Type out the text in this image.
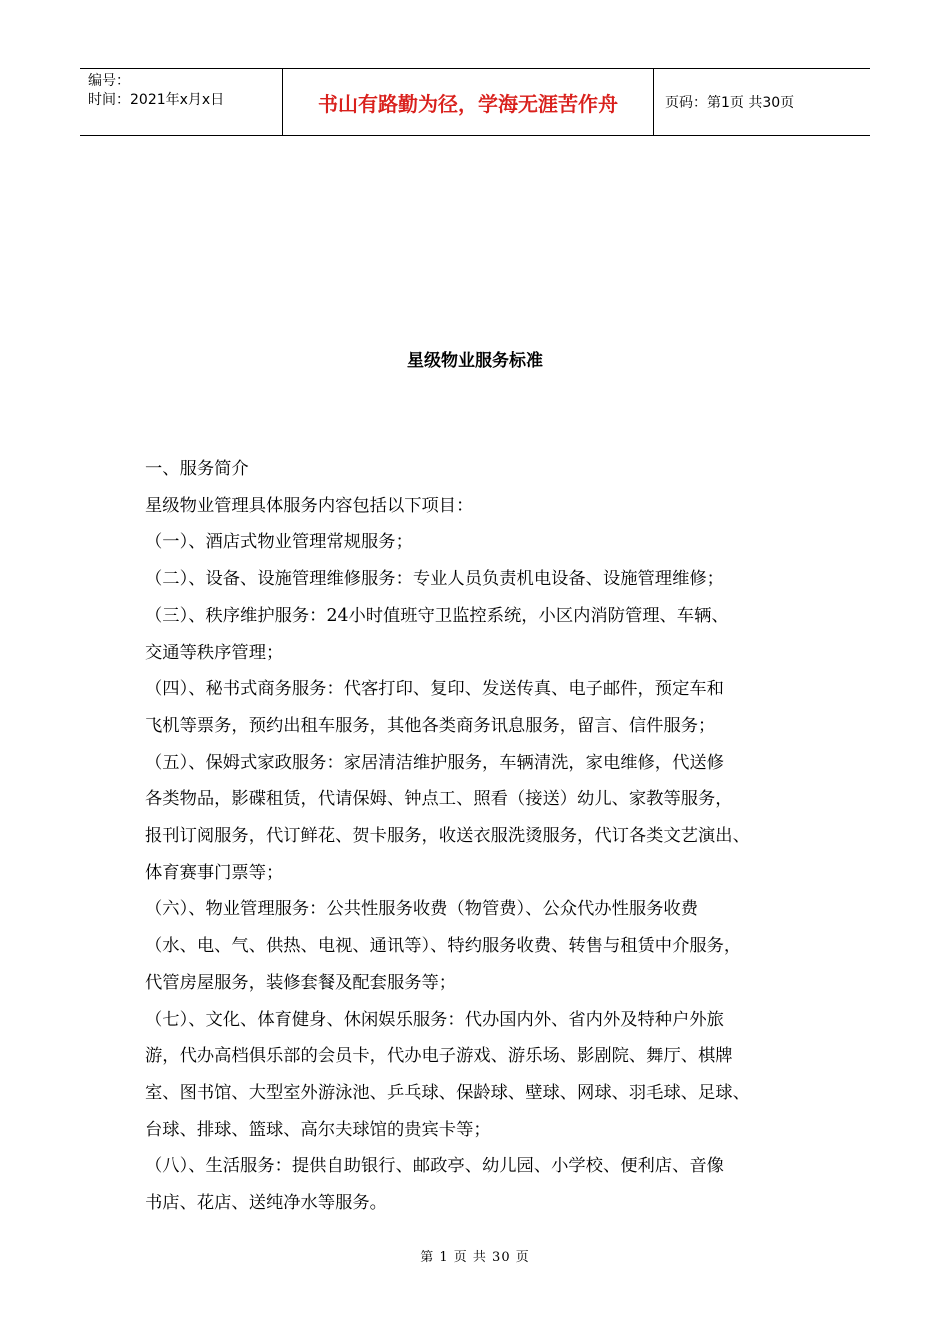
编号：
时间：2021年x月x日	书山有路勤为径，学海无涯苦作舟	页码：第1页 共30页
星级物业服务标准

一、服务简介

星级物业管理具体服务内容包括以下项目：

（一）、酒店式物业管理常规服务；

（二）、设备、设施管理维修服务：专业人员负责机电设备、设施管理维修；

（三）、秩序维护服务：24小时值班守卫监控系统，小区内消防管理、车辆、

交通等秩序管理；

（四）、秘书式商务服务：代客打印、复印、发送传真、电子邮件，预定车和

飞机等票务，预约出租车服务，其他各类商务讯息服务，留言、信件服务；

（五）、保姆式家政服务：家居清洁维护服务，车辆清洗，家电维修，代送修

各类物品，影碟租赁，代请保姆、钟点工、照看（接送）幼儿、家教等服务，

报刊订阅服务，代订鲜花、贺卡服务，收送衣服洗烫服务，代订各类文艺演出、

体育赛事门票等；

（六）、物业管理服务：公共性服务收费（物管费）、公众代办性服务收费

（水、电、气、供热、电视、通讯等）、特约服务收费、转售与租赁中介服务，

代管房屋服务，装修套餐及配套服务等；

（七）、文化、体育健身、休闲娱乐服务：代办国内外、省内外及特种户外旅

游，代办高档俱乐部的会员卡，代办电子游戏、游乐场、影剧院、舞厅、棋牌

室、图书馆、大型室外游泳池、乒乓球、保龄球、壁球、网球、羽毛球、足球、

台球、排球、篮球、高尔夫球馆的贵宾卡等；

（八）、生活服务：提供自助银行、邮政亭、幼儿园、小学校、便利店、音像

书店、花店、送纯净水等服务。

第 1 页 共 30 页
